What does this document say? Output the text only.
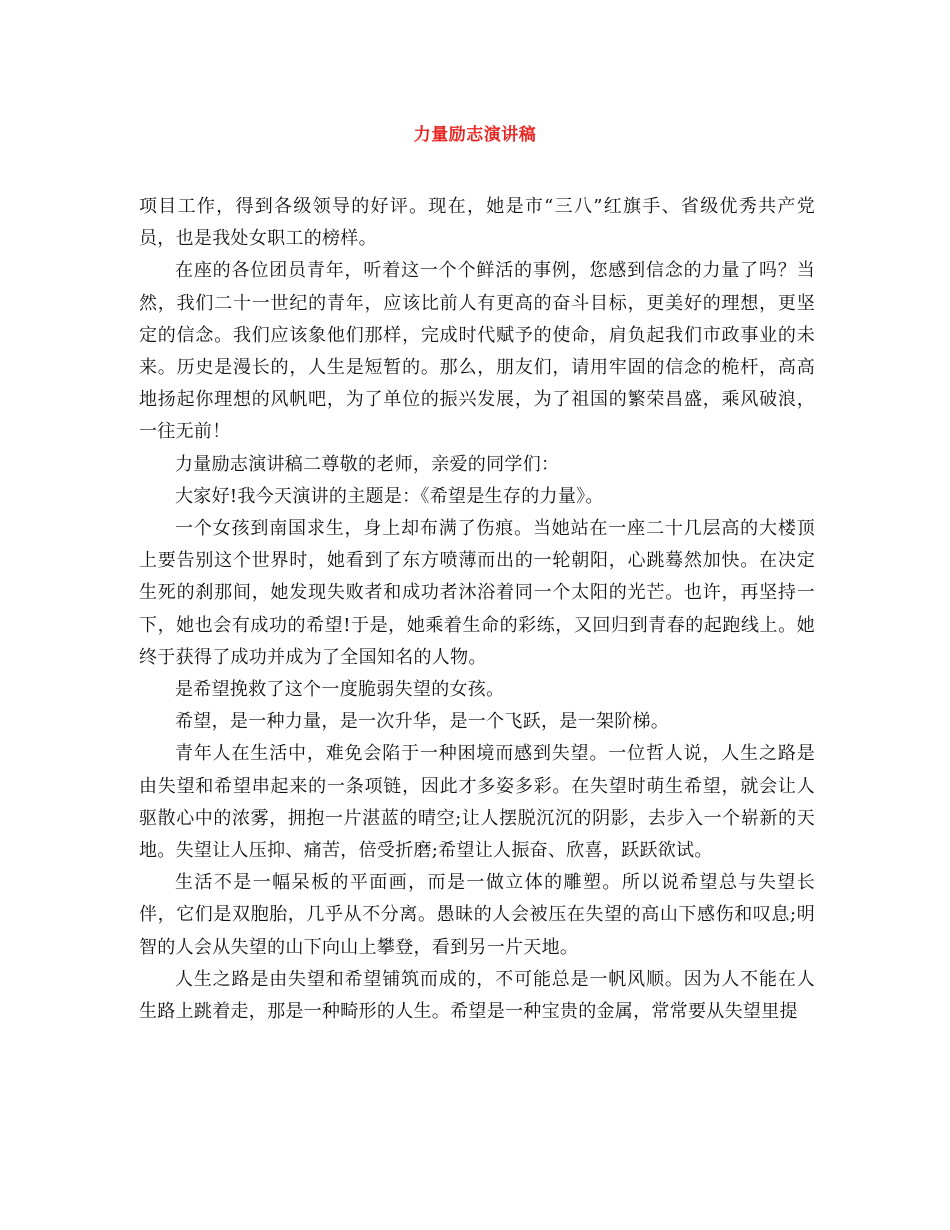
力量励志演讲稿

项目工作，得到各级领导的好评。现在，她是市“三八”红旗手、省级优秀共产党员，也是我处女职工的榜样。

在座的各位团员青年，听着这一个个鲜活的事例，您感到信念的力量了吗？当然，我们二十一世纪的青年，应该比前人有更高的奋斗目标，更美好的理想，更坚定的信念。我们应该象他们那样，完成时代赋予的使命，肩负起我们市政事业的未来。历史是漫长的，人生是短暂的。那么，朋友们，请用牢固的信念的桅杆，高高地扬起你理想的风帆吧，为了单位的振兴发展，为了祖国的繁荣昌盛，乘风破浪，一往无前！

力量励志演讲稿二尊敬的老师，亲爱的同学们：

大家好!我今天演讲的主题是：《希望是生存的力量》。

一个女孩到南国求生，身上却布满了伤痕。当她站在一座二十几层高的大楼顶上要告别这个世界时，她看到了东方喷薄而出的一轮朝阳，心跳蓦然加快。在决定生死的刹那间，她发现失败者和成功者沐浴着同一个太阳的光芒。也许，再坚持一下，她也会有成功的希望!于是，她乘着生命的彩练，又回归到青春的起跑线上。她终于获得了成功并成为了全国知名的人物。

是希望挽救了这个一度脆弱失望的女孩。

希望，是一种力量，是一次升华，是一个飞跃，是一架阶梯。

青年人在生活中，难免会陷于一种困境而感到失望。一位哲人说，人生之路是由失望和希望串起来的一条项链，因此才多姿多彩。在失望时萌生希望，就会让人驱散心中的浓雾，拥抱一片湛蓝的晴空;让人摆脱沉沉的阴影，去步入一个崭新的天地。失望让人压抑、痛苦，倍受折磨;希望让人振奋、欣喜，跃跃欲试。

生活不是一幅呆板的平面画，而是一做立体的雕塑。所以说希望总与失望长伴，它们是双胞胎，几乎从不分离。愚昧的人会被压在失望的高山下感伤和叹息;明智的人会从失望的山下向山上攀登，看到另一片天地。

人生之路是由失望和希望铺筑而成的，不可能总是一帆风顺。因为人不能在人生路上跳着走，那是一种畸形的人生。希望是一种宝贵的金属，常常要从失望里提
